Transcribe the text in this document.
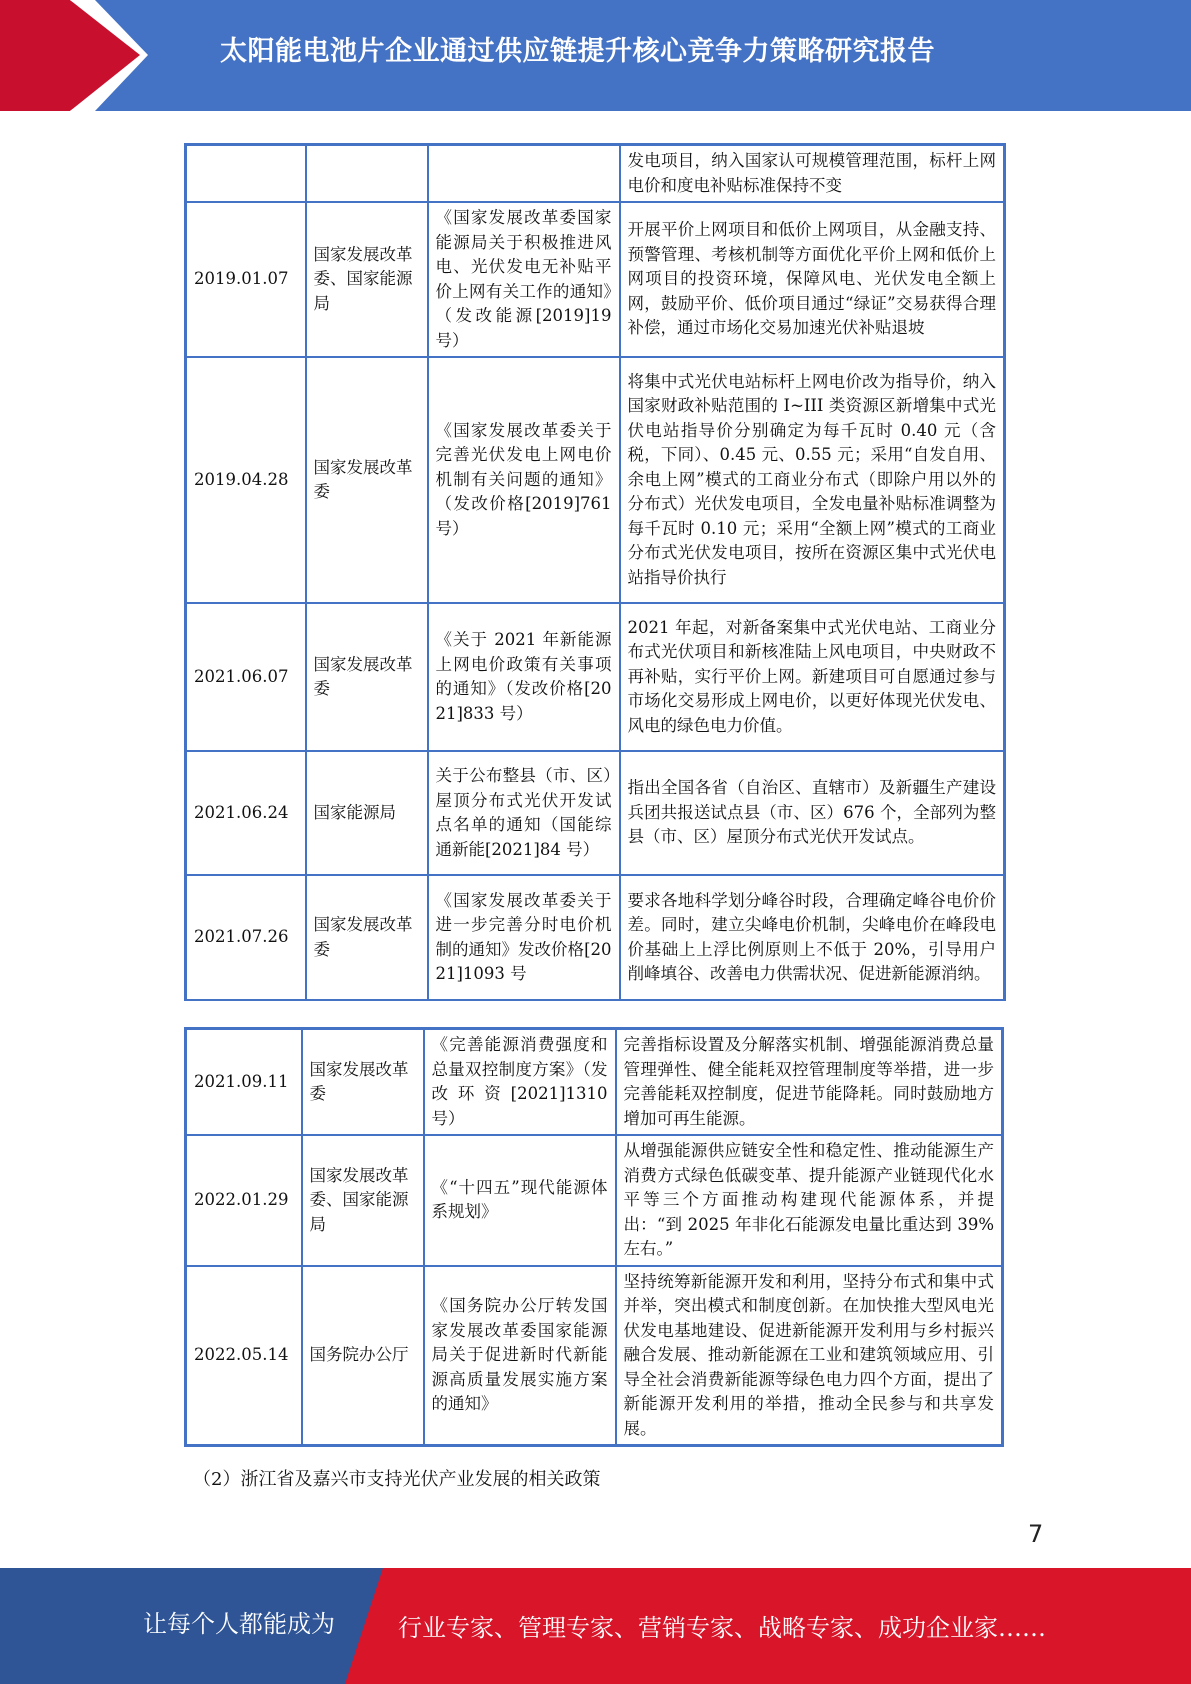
太阳能电池片企业通过供应链提升核心竞争力策略研究报告
			发电项目，纳入国家认可规模管理范围，标杆上网电价和度电补贴标准保持不变
2019.01.07	国家发展改革委、国家能源局	《国家发展改革委国家能源局关于积极推进风电、光伏发电无补贴平价上网有关工作的通知》（发改能源[2019]19 号）	开展平价上网项目和低价上网项目，从金融支持、预警管理、考核机制等方面优化平价上网和低价上网项目的投资环境，保障风电、光伏发电全额上网，鼓励平价、低价项目通过“绿证”交易获得合理补偿，通过市场化交易加速光伏补贴退坡
2019.04.28	国家发展改革委	《国家发展改革委关于完善光伏发电上网电价机制有关问题的通知》（发改价格[2019]761 号）	将集中式光伏电站标杆上网电价改为指导价，纳入国家财政补贴范围的 I~III 类资源区新增集中式光伏电站指导价分别确定为每千瓦时 0.40 元（含税，下同）、0.45 元、0.55 元；采用“自发自用、余电上网”模式的工商业分布式（即除户用以外的分布式）光伏发电项目，全发电量补贴标准调整为每千瓦时 0.10 元；采用“全额上网”模式的工商业分布式光伏发电项目，按所在资源区集中式光伏电站指导价执行
2021.06.07	国家发展改革委	《关于 2021 年新能源上网电价政策有关事项的通知》（发改价格[2021]833 号）	2021 年起，对新备案集中式光伏电站、工商业分布式光伏项目和新核准陆上风电项目，中央财政不再补贴，实行平价上网。新建项目可自愿通过参与市场化交易形成上网电价，以更好体现光伏发电、风电的绿色电力价值。
2021.06.24	国家能源局	关于公布整县（市、区）屋顶分布式光伏开发试点名单的通知（国能综通新能[2021]84 号）	指出全国各省（自治区、直辖市）及新疆生产建设兵团共报送试点县（市、区）676 个，全部列为整县（市、区）屋顶分布式光伏开发试点。
2021.07.26	国家发展改革委	《国家发展改革委关于进一步完善分时电价机制的通知》发改价格[2021]1093 号	要求各地科学划分峰谷时段，合理确定峰谷电价价差。同时，建立尖峰电价机制，尖峰电价在峰段电价基础上上浮比例原则上不低于 20%，引导用户削峰填谷、改善电力供需状况、促进新能源消纳。
2021.09.11	国家发展改革委	《完善能源消费强度和总量双控制度方案》（发改环资[2021]1310 号）	完善指标设置及分解落实机制、增强能源消费总量管理弹性、健全能耗双控管理制度等举措，进一步完善能耗双控制度，促进节能降耗。同时鼓励地方增加可再生能源。
2022.01.29	国家发展改革委、国家能源局	《“十四五”现代能源体系规划》	从增强能源供应链安全性和稳定性、推动能源生产消费方式绿色低碳变革、提升能源产业链现代化水平等三个方面推动构建现代能源体系，并提出：“到 2025 年非化石能源发电量比重达到 39%左右。”
2022.05.14	国务院办公厅	《国务院办公厅转发国家发展改革委国家能源局关于促进新时代新能源高质量发展实施方案的通知》	坚持统筹新能源开发和利用，坚持分布式和集中式并举，突出模式和制度创新。在加快推大型风电光伏发电基地建设、促进新能源开发利用与乡村振兴融合发展、推动新能源在工业和建筑领域应用、引导全社会消费新能源等绿色电力四个方面，提出了新能源开发利用的举措，推动全民参与和共享发展。
（2）浙江省及嘉兴市支持光伏产业发展的相关政策
7
让每个人都能成为	行业专家、管理专家、营销专家、战略专家、成功企业家……
